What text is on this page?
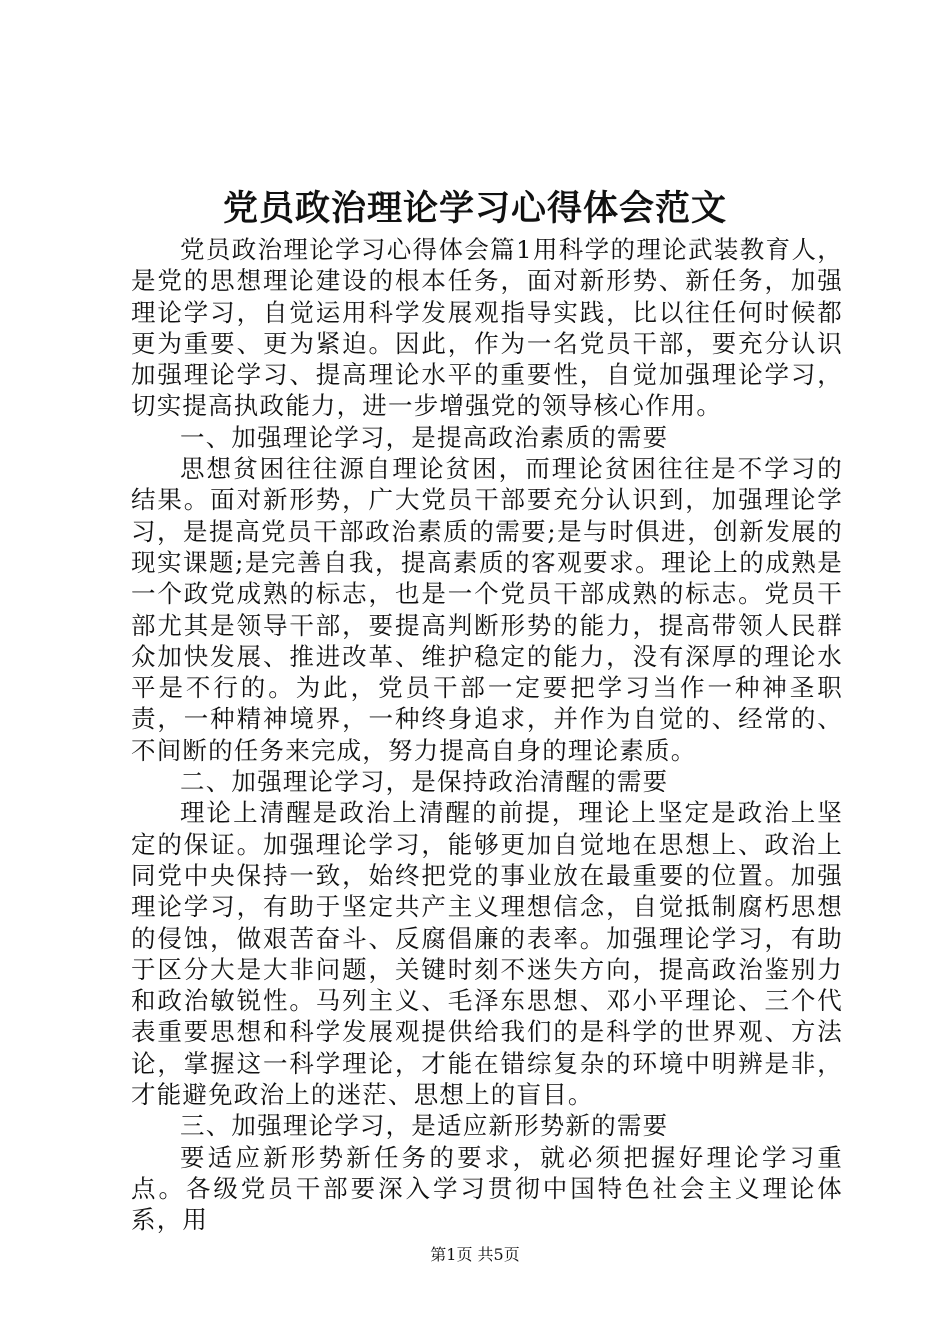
党员政治理论学习心得体会范文

党员政治理论学习心得体会篇1用科学的理论武装教育人，是党的思想理论建设的根本任务，面对新形势、新任务，加强理论学习，自觉运用科学发展观指导实践，比以往任何时候都更为重要、更为紧迫。因此，作为一名党员干部，要充分认识加强理论学习、提高理论水平的重要性，自觉加强理论学习，切实提高执政能力，进一步增强党的领导核心作用。

一、加强理论学习，是提高政治素质的需要

思想贫困往往源自理论贫困，而理论贫困往往是不学习的结果。面对新形势，广大党员干部要充分认识到，加强理论学习，是提高党员干部政治素质的需要;是与时俱进，创新发展的现实课题;是完善自我，提高素质的客观要求。理论上的成熟是一个政党成熟的标志，也是一个党员干部成熟的标志。党员干部尤其是领导干部，要提高判断形势的能力，提高带领人民群众加快发展、推进改革、维护稳定的能力，没有深厚的理论水平是不行的。为此，党员干部一定要把学习当作一种神圣职责，一种精神境界，一种终身追求，并作为自觉的、经常的、不间断的任务来完成，努力提高自身的理论素质。

二、加强理论学习，是保持政治清醒的需要

理论上清醒是政治上清醒的前提，理论上坚定是政治上坚定的保证。加强理论学习，能够更加自觉地在思想上、政治上同党中央保持一致，始终把党的事业放在最重要的位置。加强理论学习，有助于坚定共产主义理想信念，自觉抵制腐朽思想的侵蚀，做艰苦奋斗、反腐倡廉的表率。加强理论学习，有助于区分大是大非问题，关键时刻不迷失方向，提高政治鉴别力和政治敏锐性。马列主义、毛泽东思想、邓小平理论、三个代表重要思想和科学发展观提供给我们的是科学的世界观、方法论，掌握这一科学理论，才能在错综复杂的环境中明辨是非，才能避免政治上的迷茫、思想上的盲目。

三、加强理论学习，是适应新形势新的需要

要适应新形势新任务的要求，就必须把握好理论学习重点。各级党员干部要深入学习贯彻中国特色社会主义理论体系，用

第1页 共5页
